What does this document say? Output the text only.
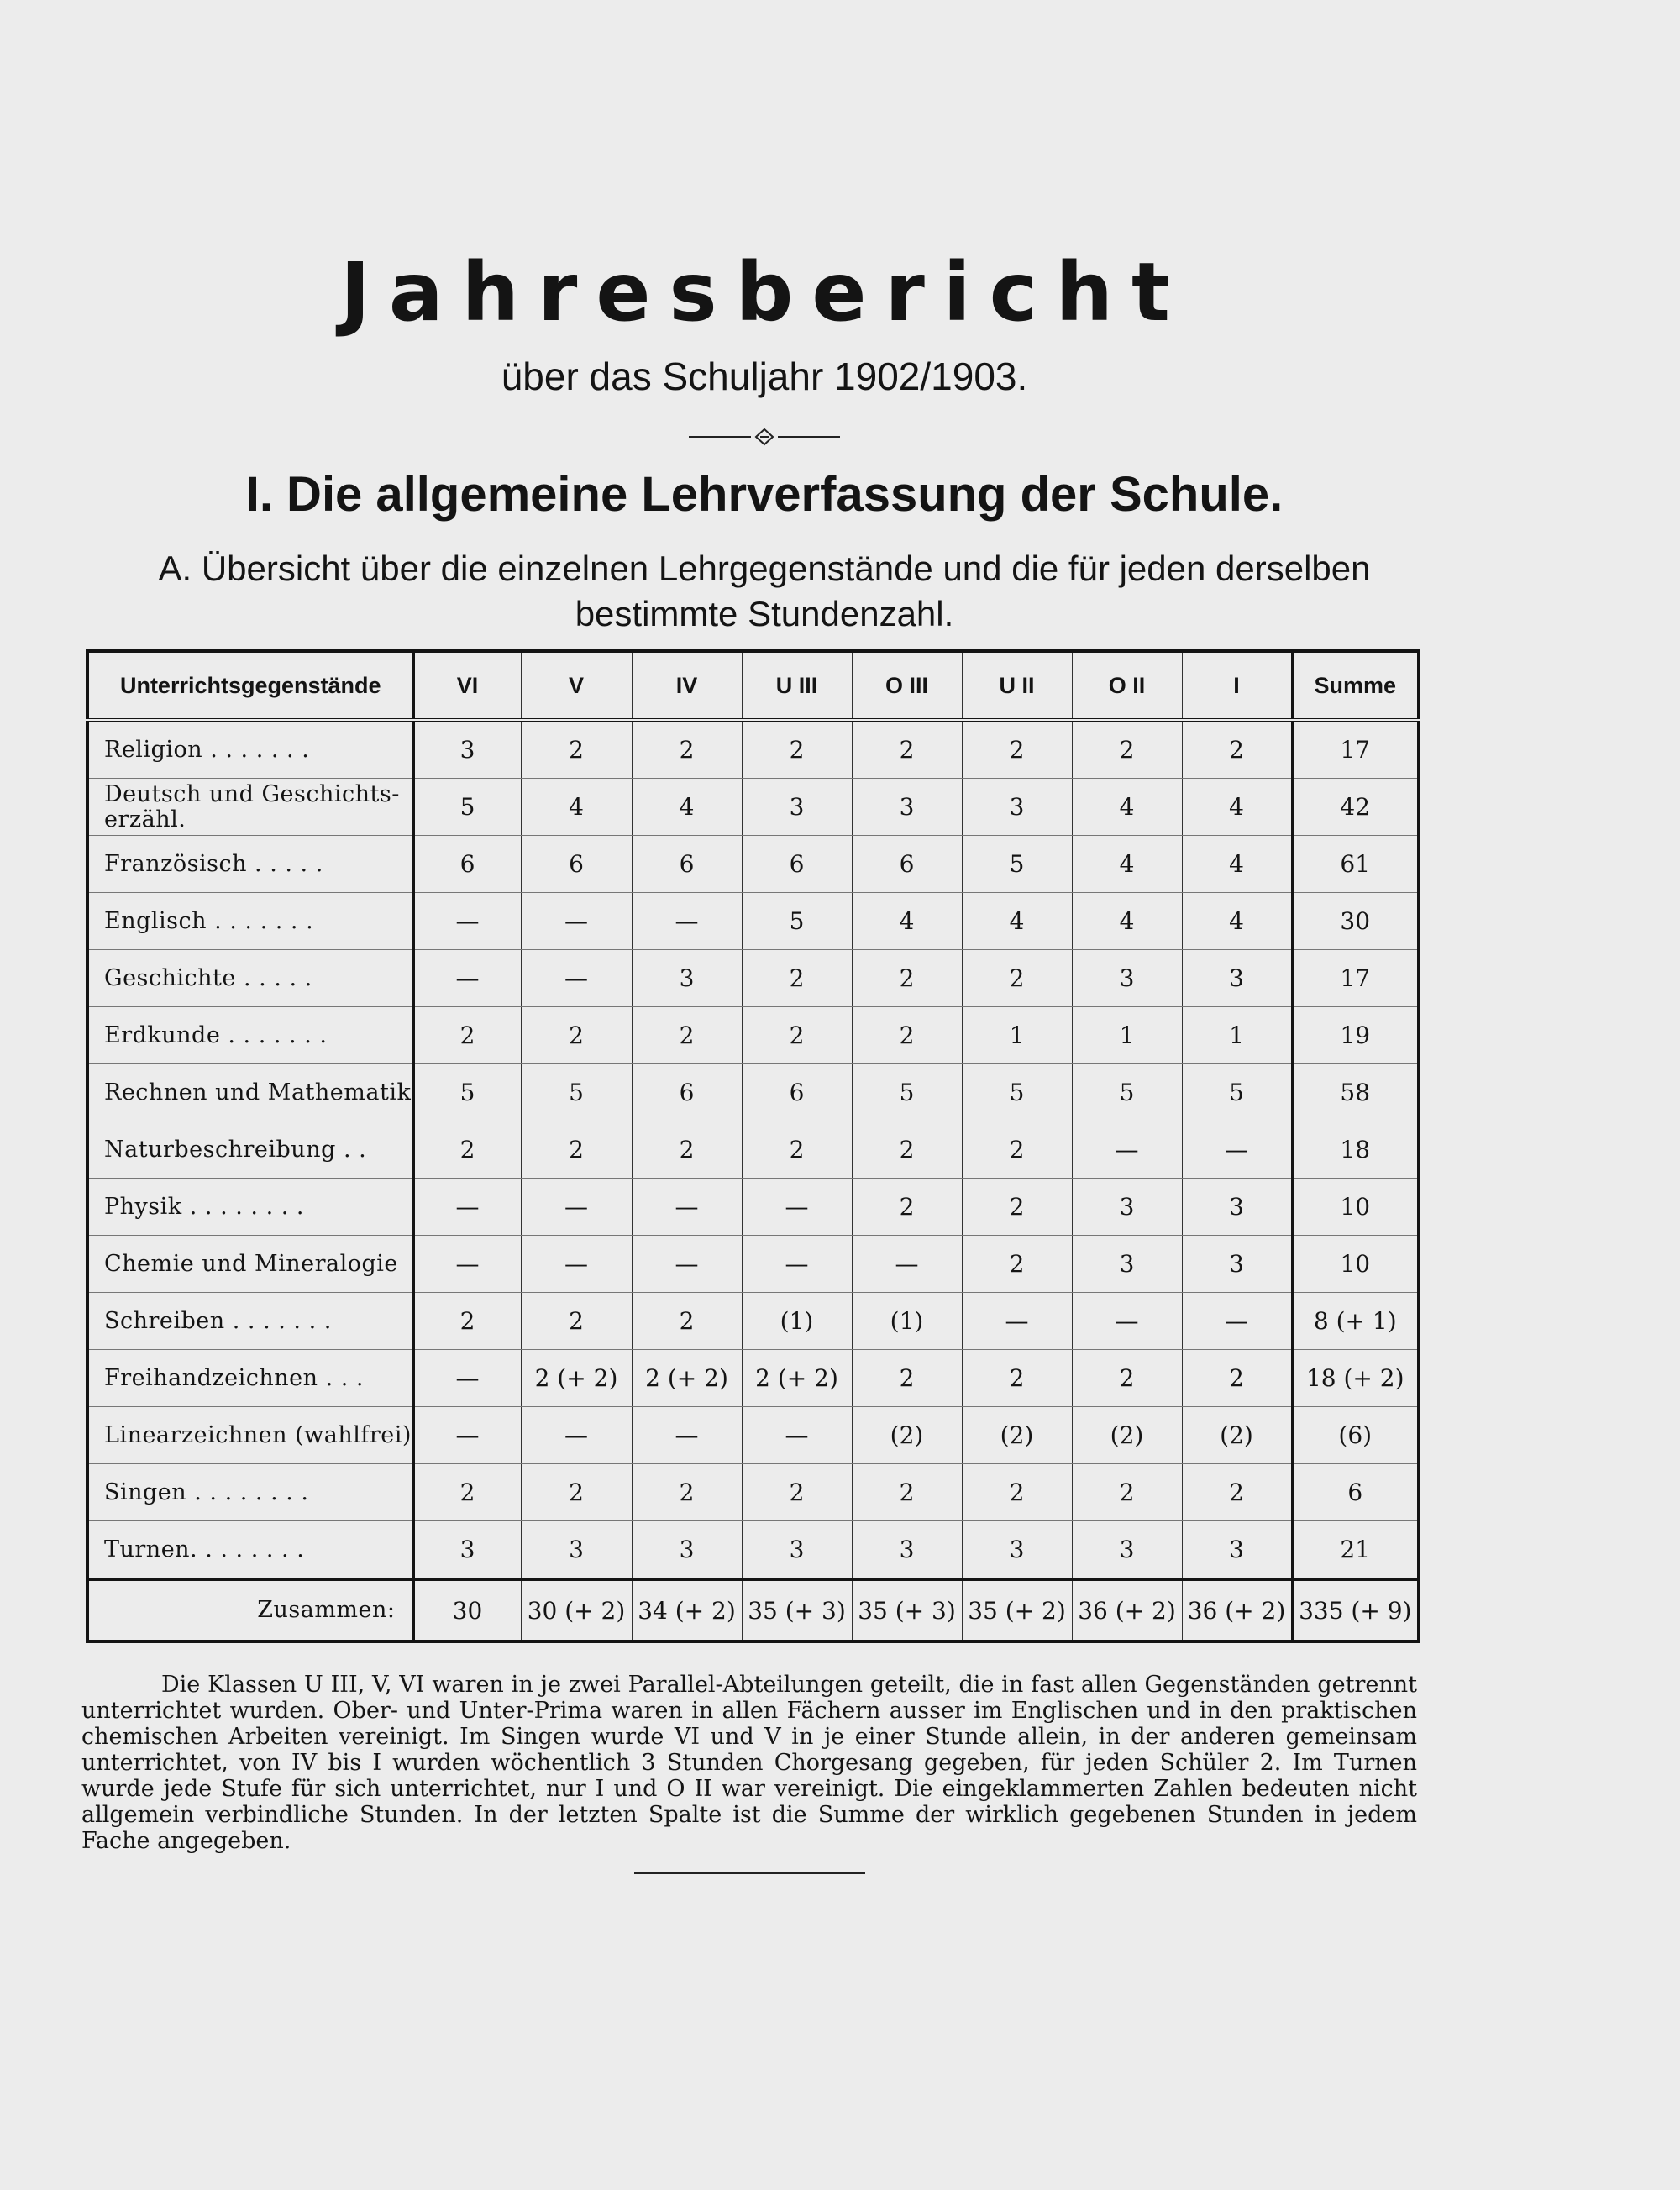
Jahresbericht
über das Schuljahr 1902/1903.
I. Die allgemeine Lehrverfassung der Schule.
A. Übersicht über die einzelnen Lehrgegenstände und die für jeden derselben bestimmte Stundenzahl.
Unterrichtsgegenstände	VI	V	IV	U III	O III	U II	O II	I	Summe
Religion . . . . . . .	3	2	2	2	2	2	2	2	17
Deutsch und Geschichts-erzähl.	5	4	4	3	3	3	4	4	42
Französisch . . . . .	6	6	6	6	6	5	4	4	61
Englisch . . . . . . .	—	—	—	5	4	4	4	4	30
Geschichte . . . . .	—	—	3	2	2	2	3	3	17
Erdkunde . . . . . . .	2	2	2	2	2	1	1	1	19
Rechnen und Mathematik	5	5	6	6	5	5	5	5	58
Naturbeschreibung . .	2	2	2	2	2	2	—	—	18
Physik . . . . . . . .	—	—	—	—	2	2	3	3	10
Chemie und Mineralogie	—	—	—	—	—	2	3	3	10
Schreiben . . . . . . .	2	2	2	(1)	(1)	—	—	—	8 (+ 1)
Freihandzeichnen . . .	—	2 (+ 2)	2 (+ 2)	2 (+ 2)	2	2	2	2	18 (+ 2)
Linearzeichnen (wahlfrei)	—	—	—	—	(2)	(2)	(2)	(2)	(6)
Singen . . . . . . . .	2	2	2	2	2	2	2	2	6
Turnen. . . . . . . .	3	3	3	3	3	3	3	3	21
Zusammen:	30	30 (+ 2)	34 (+ 2)	35 (+ 3)	35 (+ 3)	35 (+ 2)	36 (+ 2)	36 (+ 2)	335 (+ 9)
Die Klassen U III, V, VI waren in je zwei Parallel-Abteilungen geteilt, die in fast allen Gegenständen getrennt unterrichtet wurden. Ober- und Unter-Prima waren in allen Fächern ausser im Englischen und in den praktischen chemischen Arbeiten vereinigt. Im Singen wurde VI und V in je einer Stunde allein, in der anderen gemeinsam unterrichtet, von IV bis I wurden wöchentlich 3 Stunden Chorgesang gegeben, für jeden Schüler 2. Im Turnen wurde jede Stufe für sich unterrichtet, nur I und O II war vereinigt. Die eingeklammerten Zahlen bedeuten nicht allgemein verbindliche Stunden. In der letzten Spalte ist die Summe der wirklich gegebenen Stunden in jedem Fache angegeben.
